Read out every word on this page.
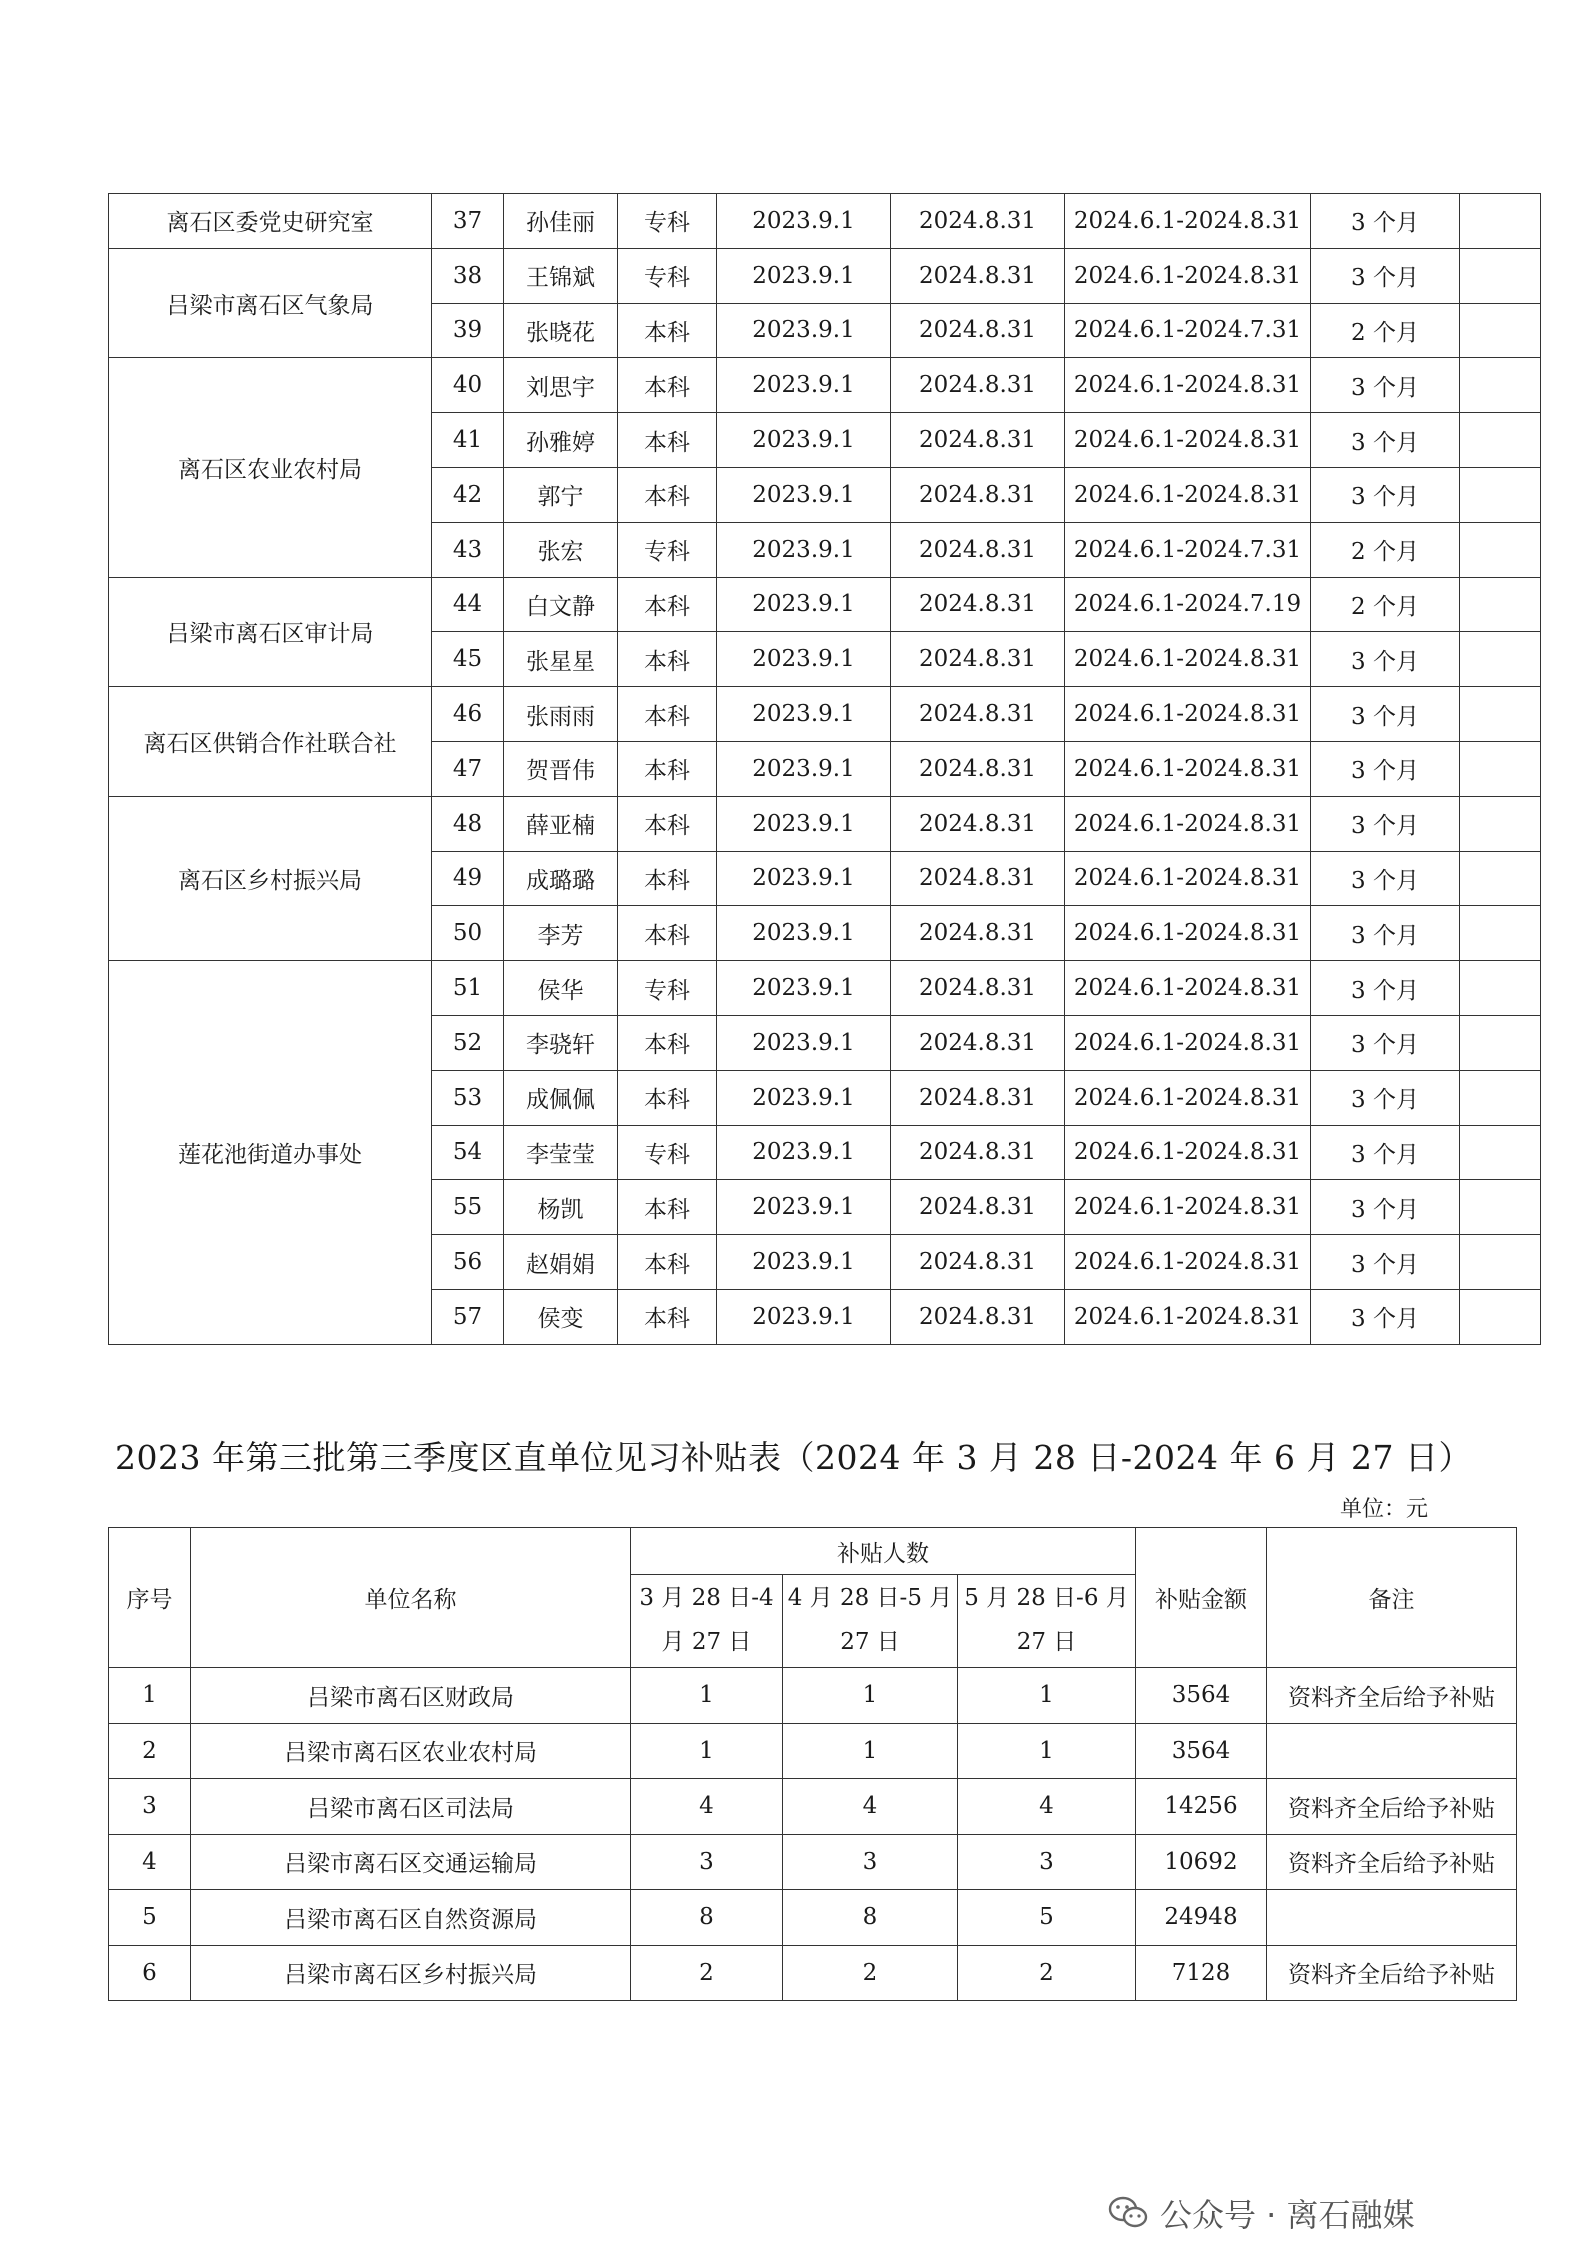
离石区委党史研究室	37	孙佳丽	专科	2023.9.1	2024.8.31	2024.6.1-2024.8.31	3 个月	
吕梁市离石区气象局	38	王锦斌	专科	2023.9.1	2024.8.31	2024.6.1-2024.8.31	3 个月	
	39	张晓花	本科	2023.9.1	2024.8.31	2024.6.1-2024.7.31	2 个月	
离石区农业农村局	40	刘思宇	本科	2023.9.1	2024.8.31	2024.6.1-2024.8.31	3 个月	
	41	孙雅婷	本科	2023.9.1	2024.8.31	2024.6.1-2024.8.31	3 个月	
	42	郭宁	本科	2023.9.1	2024.8.31	2024.6.1-2024.8.31	3 个月	
	43	张宏	专科	2023.9.1	2024.8.31	2024.6.1-2024.7.31	2 个月	
吕梁市离石区审计局	44	白文静	本科	2023.9.1	2024.8.31	2024.6.1-2024.7.19	2 个月	
	45	张星星	本科	2023.9.1	2024.8.31	2024.6.1-2024.8.31	3 个月	
离石区供销合作社联合社	46	张雨雨	本科	2023.9.1	2024.8.31	2024.6.1-2024.8.31	3 个月	
	47	贺晋伟	本科	2023.9.1	2024.8.31	2024.6.1-2024.8.31	3 个月	
离石区乡村振兴局	48	薛亚楠	本科	2023.9.1	2024.8.31	2024.6.1-2024.8.31	3 个月	
	49	成璐璐	本科	2023.9.1	2024.8.31	2024.6.1-2024.8.31	3 个月	
	50	李芳	本科	2023.9.1	2024.8.31	2024.6.1-2024.8.31	3 个月	
莲花池街道办事处	51	侯华	专科	2023.9.1	2024.8.31	2024.6.1-2024.8.31	3 个月	
	52	李骁轩	本科	2023.9.1	2024.8.31	2024.6.1-2024.8.31	3 个月	
	53	成佩佩	本科	2023.9.1	2024.8.31	2024.6.1-2024.8.31	3 个月	
	54	李莹莹	专科	2023.9.1	2024.8.31	2024.6.1-2024.8.31	3 个月	
	55	杨凯	本科	2023.9.1	2024.8.31	2024.6.1-2024.8.31	3 个月	
	56	赵娟娟	本科	2023.9.1	2024.8.31	2024.6.1-2024.8.31	3 个月	
	57	侯变	本科	2023.9.1	2024.8.31	2024.6.1-2024.8.31	3 个月	
2023 年第三批第三季度区直单位见习补贴表（2024 年 3 月 28 日-2024 年 6 月 27 日）
单位：元
序号	单位名称	补贴人数			补贴金额	备注
		3 月 28 日-4 月 27 日	4 月 28 日-5 月 27 日	5 月 28 日-6 月 27 日		
1	吕梁市离石区财政局	1	1	1	3564	资料齐全后给予补贴
2	吕梁市离石区农业农村局	1	1	1	3564	
3	吕梁市离石区司法局	4	4	4	14256	资料齐全后给予补贴
4	吕梁市离石区交通运输局	3	3	3	10692	资料齐全后给予补贴
5	吕梁市离石区自然资源局	8	8	5	24948	
6	吕梁市离石区乡村振兴局	2	2	2	7128	资料齐全后给予补贴
公众号 · 离石融媒
